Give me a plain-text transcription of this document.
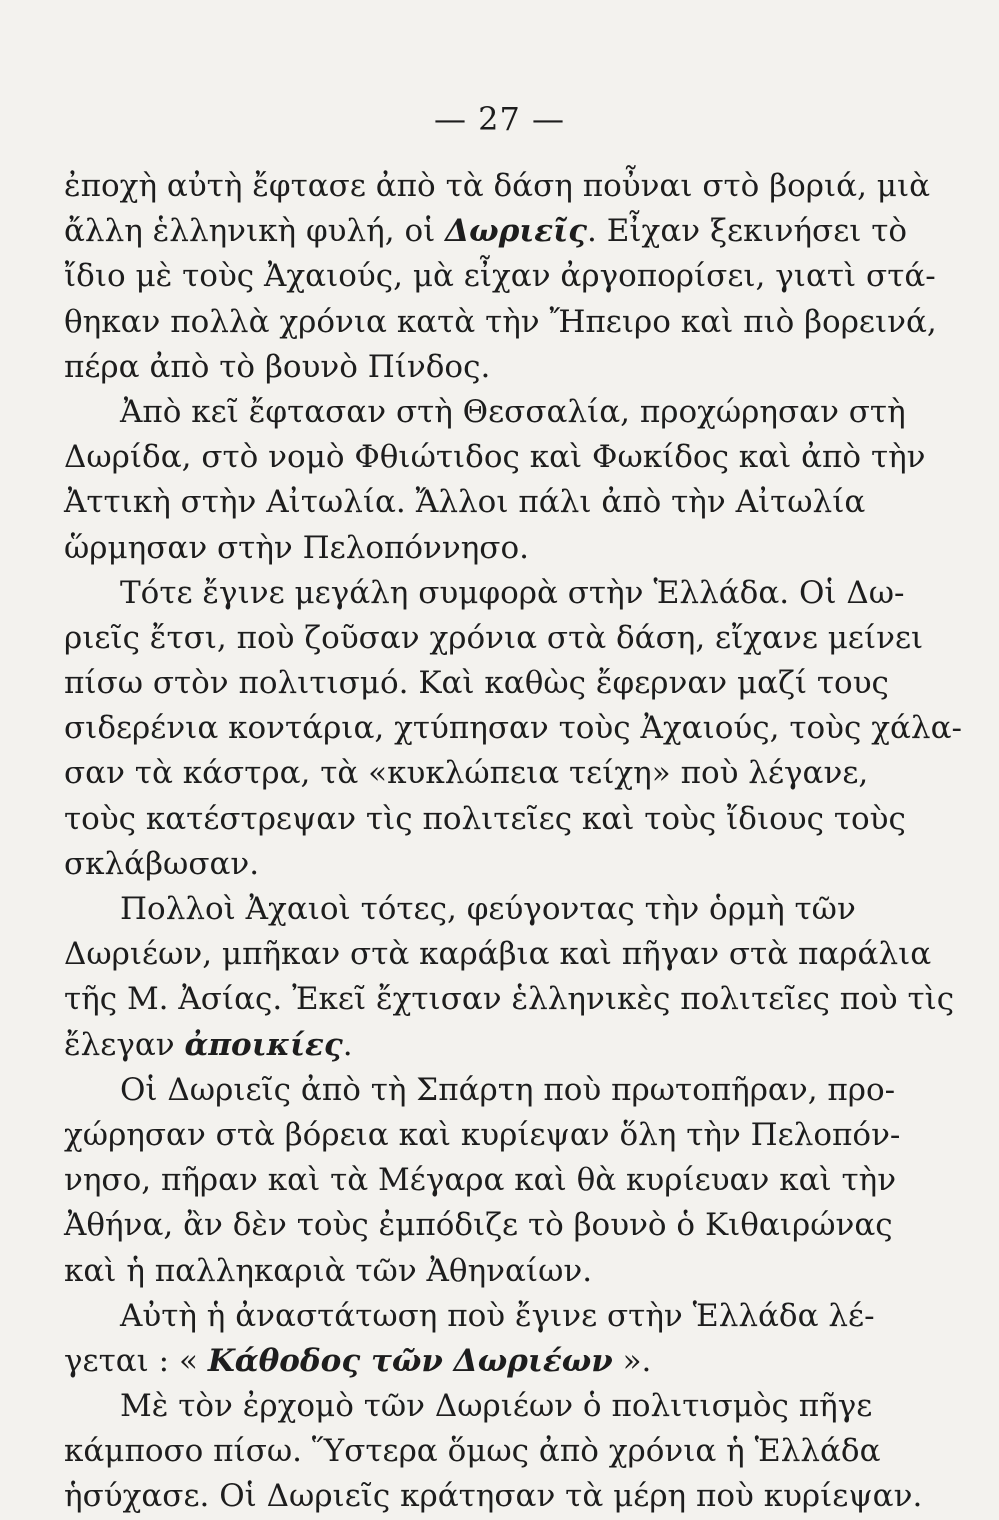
— 27 —
ἐποχὴ αὐτὴ ἔφτασε ἀπὸ τὰ δάση ποὖναι στὸ βοριά, μιὰ
ἄλλη ἑλληνικὴ φυλή, οἱ Δωριεῖς. Εἶχαν ξεκινήσει τὸ
ἴδιο μὲ τοὺς Ἀχαιούς, μὰ εἶχαν ἀργοπορίσει, γιατὶ στά-
θηκαν πολλὰ χρόνια κατὰ τὴν Ἤπειρο καὶ πιὸ βορεινά,
πέρα ἀπὸ τὸ βουνὸ Πίνδος.
Ἀπὸ κεῖ ἔφτασαν στὴ Θεσσαλία, προχώρησαν στὴ
Δωρίδα, στὸ νομὸ Φθιώτιδος καὶ Φωκίδος καὶ ἀπὸ τὴν
Ἀττικὴ στὴν Αἰτωλία. Ἄλλοι πάλι ἀπὸ τὴν Αἰτωλία
ὥρμησαν στὴν Πελοπόννησο.
Τότε ἔγινε μεγάλη συμφορὰ στὴν Ἑλλάδα. Οἱ Δω-
ριεῖς ἔτσι, ποὺ ζοῦσαν χρόνια στὰ δάση, εἴχανε μείνει
πίσω στὸν πολιτισμό. Καὶ καθὼς ἔφερναν μαζί τους
σιδερένια κοντάρια, χτύπησαν τοὺς Ἀχαιούς, τοὺς χάλα-
σαν τὰ κάστρα, τὰ «κυκλώπεια τείχη» ποὺ λέγανε,
τοὺς κατέστρεψαν τὶς πολιτεῖες καὶ τοὺς ἴδιους τοὺς
σκλάβωσαν.
Πολλοὶ Ἀχαιοὶ τότες, φεύγοντας τὴν ὁρμὴ τῶν
Δωριέων, μπῆκαν στὰ καράβια καὶ πῆγαν στὰ παράλια
τῆς Μ. Ἀσίας. Ἐκεῖ ἔχτισαν ἑλληνικὲς πολιτεῖες ποὺ τὶς
ἔλεγαν ἀποικίες.
Οἱ Δωριεῖς ἀπὸ τὴ Σπάρτη ποὺ πρωτοπῆραν, προ-
χώρησαν στὰ βόρεια καὶ κυρίεψαν ὅλη τὴν Πελοπόν-
νησο, πῆραν καὶ τὰ Μέγαρα καὶ θὰ κυρίευαν καὶ τὴν
Ἀθήνα, ἂν δὲν τοὺς ἐμπόδιζε τὸ βουνὸ ὁ Κιθαιρώνας
καὶ ἡ παλληκαριὰ τῶν Ἀθηναίων.
Αὐτὴ ἡ ἀναστάτωση ποὺ ἔγινε στὴν Ἑλλάδα λέ-
γεται : « Κάθοδος τῶν Δωριέων ».
Μὲ τὸν ἐρχομὸ τῶν Δωριέων ὁ πολιτισμὸς πῆγε
κάμποσο πίσω. Ὕστερα ὅμως ἀπὸ χρόνια ἡ Ἑλλάδα
ἡσύχασε. Οἱ Δωριεῖς κράτησαν τὰ μέρη ποὺ κυρίεψαν.
